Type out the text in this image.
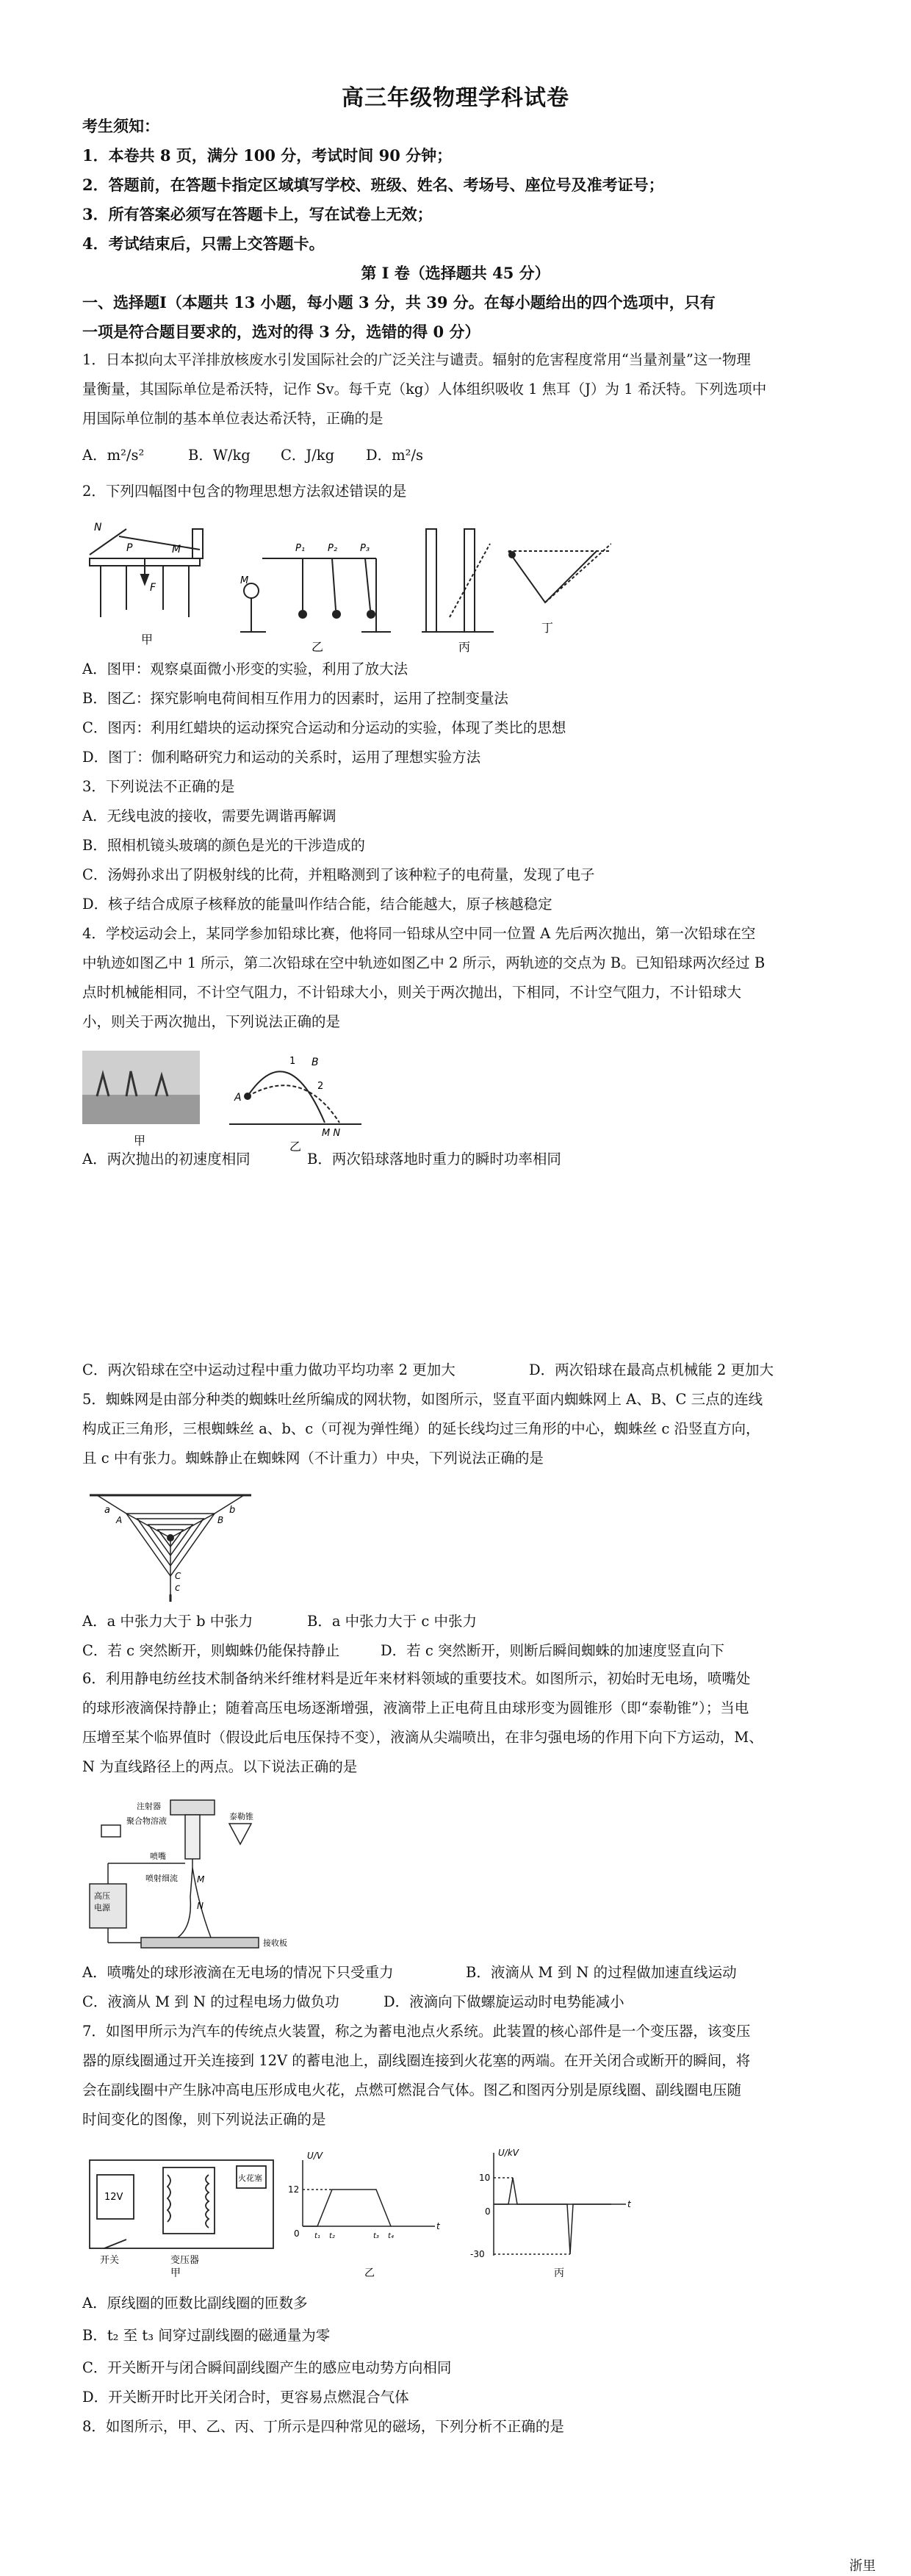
高三年级物理学科试卷
考生须知：
1．本卷共 8 页，满分 100 分，考试时间 90 分钟；
2．答题前，在答题卡指定区域填写学校、班级、姓名、考场号、座位号及准考证号；
3．所有答案必须写在答题卡上，写在试卷上无效；
4．考试结束后，只需上交答题卡。
第 Ⅰ 卷（选择题共 45 分）
一、选择题Ⅰ（本题共 13 小题，每小题 3 分，共 39 分。在每小题给出的四个选项中，只有
一项是符合题目要求的，选对的得 3 分，选错的得 0 分）
1．日本拟向太平洋排放核废水引发国际社会的广泛关注与谴责。辐射的危害程度常用“当量剂量”这一物理
量衡量，其国际单位是希沃特，记作 Sv。每千克（kg）人体组织吸收 1 焦耳（J）为 1 希沃特。下列选项中
用国际单位制的基本单位表达希沃特，正确的是
A．m²/s²	B．W/kg C．J/kg D．m²/s
2．下列四幅图中包含的物理思想方法叙述错误的是
N
M
P
F
甲
M
P₁ P₂ P₃
乙	丙
丁
A．图甲：观察桌面微小形变的实验，利用了放大法
B．图乙：探究影响电荷间相互作用力的因素时，运用了控制变量法
C．图丙：利用红蜡块的运动探究合运动和分运动的实验，体现了类比的思想
D．图丁：伽利略研究力和运动的关系时，运用了理想实验方法
3．下列说法不正确的是
A．无线电波的接收，需要先调谐再解调
B．照相机镜头玻璃的颜色是光的干涉造成的
C．汤姆孙求出了阴极射线的比荷，并粗略测到了该种粒子的电荷量，发现了电子
D．核子结合成原子核释放的能量叫作结合能，结合能越大，原子核越稳定
4．学校运动会上，某同学参加铅球比赛，他将同一铅球从空中同一位置 A 先后两次抛出，第一次铅球在空
中轨迹如图乙中 1 所示，第二次铅球在空中轨迹如图乙中 2 所示，两轨迹的交点为 B。已知铅球两次经过 B
点时机械能相同，不计空气阻力，不计铅球大小，则关于两次抛出，下相同，不计空气阻力，不计铅球大
小，则关于两次抛出，下列说法正确的是
甲
A
B
1
2
M N
乙
A．两次抛出的初速度相同	B．两次铅球落地时重力的瞬时功率相同
C．两次铅球在空中运动过程中重力做功平均功率 2 更加大	D．两次铅球在最高点机械能 2 更加大
5．蜘蛛网是由部分种类的蜘蛛吐丝所编成的网状物，如图所示，竖直平面内蜘蛛网上 A、B、C 三点的连线
构成正三角形，三根蜘蛛丝 a、b、c（可视为弹性绳）的延长线均过三角形的中心，蜘蛛丝 c 沿竖直方向，
且 c 中有张力。蜘蛛静止在蜘蛛网（不计重力）中央，下列说法正确的是
a	b
c
A	B
C
A．a 中张力大于 b 中张力	B．a 中张力大于 c 中张力
C．若 c 突然断开，则蜘蛛仍能保持静止	D．若 c 突然断开，则断后瞬间蜘蛛的加速度竖直向下
6．利用静电纺丝技术制备纳米纤维材料是近年来材料领域的重要技术。如图所示，初始时无电场，喷嘴处
的球形液滴保持静止；随着高压电场逐渐增强，液滴带上正电荷且由球形变为圆锥形（即“泰勒锥”）；当电
压增至某个临界值时（假设此后电压保持不变），液滴从尖端喷出，在非匀强电场的作用下向下方运动，M、
N 为直线路径上的两点。以下说法正确的是
注射器
聚合物溶液
喷嘴
喷射细流
泰勒锥
M
N
高压
电源
接收板
A．喷嘴处的球形液滴在无电场的情况下只受重力	B．液滴从 M 到 N 的过程做加速直线运动
C．液滴从 M 到 N 的过程电场力做负功	D．液滴向下做螺旋运动时电势能减小
7．如图甲所示为汽车的传统点火装置，称之为蓄电池点火系统。此装置的核心部件是一个变压器，该变压
器的原线圈通过开关连接到 12V 的蓄电池上，副线圈连接到火花塞的两端。在开关闭合或断开的瞬间，将
会在副线圈中产生脉冲高电压形成电火花，点燃可燃混合气体。图乙和图丙分别是原线圈、副线圈电压随
时间变化的图像，则下列说法正确的是
12V
火花塞
开关	变压器
甲
U/V
12
0
t
t₁ t₂	t₃ t₄
乙
U/kV
10
-30
0
t
丙
A．原线圈的匝数比副线圈的匝数多
B．t₂ 至 t₃ 间穿过副线圈的磁通量为零
C．开关断开与闭合瞬间副线圈产生的感应电动势方向相同
D．开关断开时比开关闭合时，更容易点燃混合气体
8．如图所示，甲、乙、丙、丁所示是四种常见的磁场，下列分析不正确的是
浙里
